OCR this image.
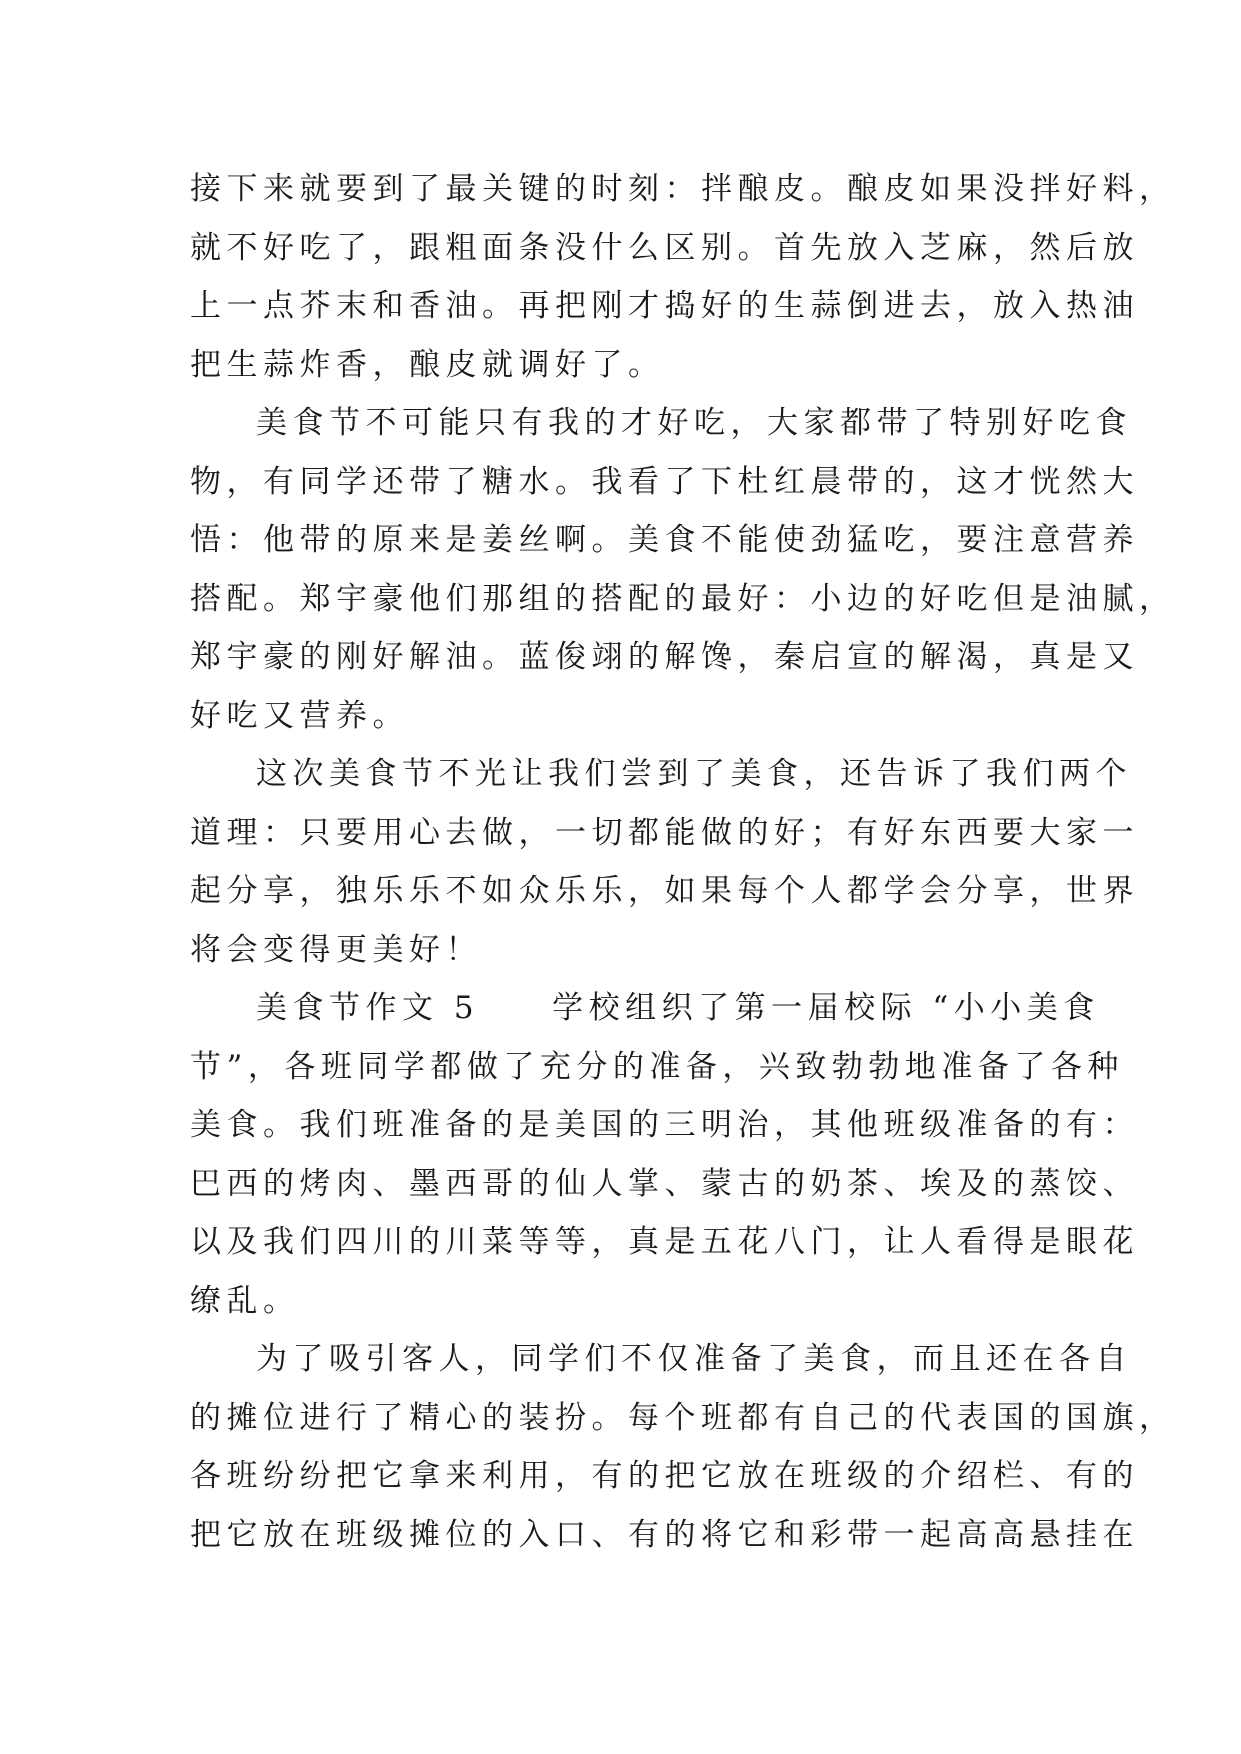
接下来就要到了最关键的时刻：拌酿皮。酿皮如果没拌好料，
就不好吃了，跟粗面条没什么区别。首先放入芝麻，然后放
上一点芥末和香油。再把刚才捣好的生蒜倒进去，放入热油
把生蒜炸香，酿皮就调好了。
美食节不可能只有我的才好吃，大家都带了特别好吃食
物，有同学还带了糖水。我看了下杜红晨带的，这才恍然大
悟：他带的原来是姜丝啊。美食不能使劲猛吃，要注意营养
搭配。郑宇豪他们那组的搭配的最好：小边的好吃但是油腻，
郑宇豪的刚好解油。蓝俊翊的解馋，秦启宣的解渴，真是又
好吃又营养。
这次美食节不光让我们尝到了美食，还告诉了我们两个
道理：只要用心去做，一切都能做的好；有好东西要大家一
起分享，独乐乐不如众乐乐，如果每个人都学会分享，世界
将会变得更美好！
美食节作文 5　　学校组织了第一届校际 “小小美食
节”，各班同学都做了充分的准备，兴致勃勃地准备了各种
美食。我们班准备的是美国的三明治，其他班级准备的有：
巴西的烤肉、墨西哥的仙人掌、蒙古的奶茶、埃及的蒸饺、
以及我们四川的川菜等等，真是五花八门，让人看得是眼花
缭乱。
为了吸引客人，同学们不仅准备了美食，而且还在各自
的摊位进行了精心的装扮。每个班都有自己的代表国的国旗，
各班纷纷把它拿来利用，有的把它放在班级的介绍栏、有的
把它放在班级摊位的入口、有的将它和彩带一起高高悬挂在
